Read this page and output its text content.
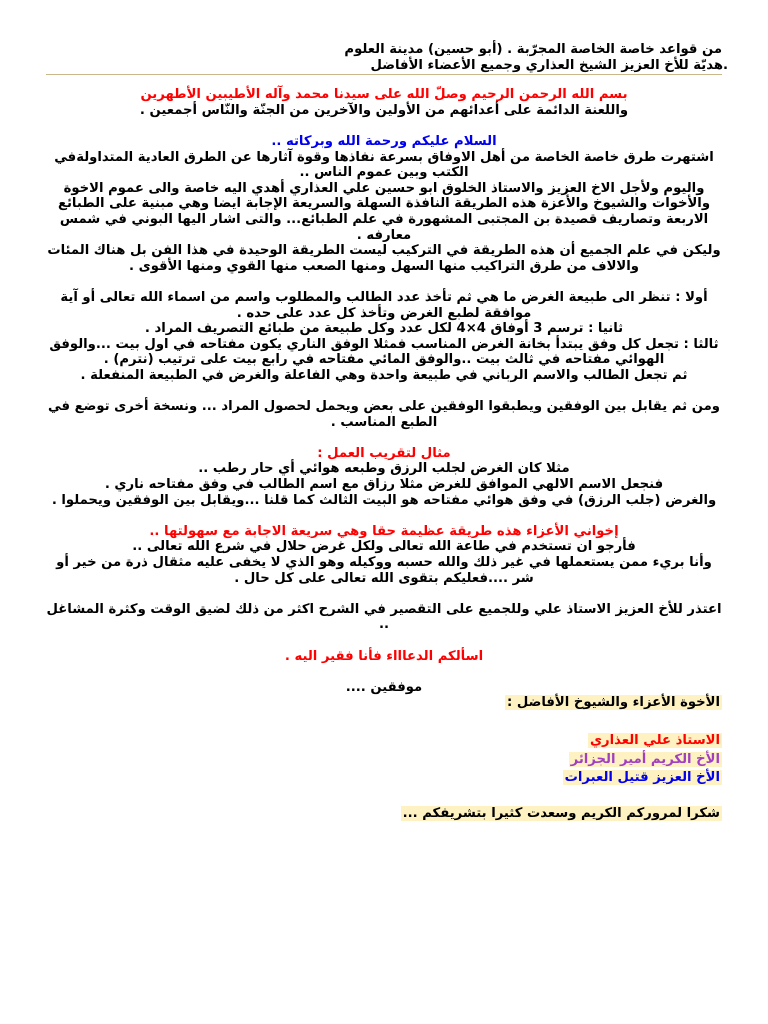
من قواعد خاصة الخاصة المجرّبة . (أبو حسين) مدينة العلوم
.هديّة للأخ العزيز الشيخ العذاري وجميع الأعضاء الأفاضل

بسم الله الرحمن الرحيم وصلّ الله على سيدنا محمد وآله الأطيبين الأطهرين

واللعنة الدائمة على أعدائهم من الأولين والآخرين من الجنّة والنّاس أجمعين .

السلام عليكم ورحمة الله وبركاته ..

اشتهرت طرق خاصة الخاصة من أهل الاوفاق بسرعة نفاذها وقوة آثارها عن الطرق العادية المتداولةفي الكتب وبين عموم الناس ..

واليوم ولأجل الاخ العزيز والاستاذ الخلوق ابو حسين علي العذاري أهدي اليه خاصة والى عموم الاخوة والأخوات والشيوخ والأعزة هذه الطريقة النافذة السهلة والسريعة الإجابة ايضا وهي مبنية على الطبائع الاربعة وتصاريف قصيدة بن المجتبى المشهورة في علم الطبائع... والتى اشار اليها البوني في شمس معارفه .

وليكن في علم الجميع أن هذه الطريقة في التركيب ليست الطريقة الوحيدة في هذا الفن بل هناك المئات والالاف من طرق التراكيب منها السهل ومنها الصعب منها القوي ومنها الأقوى .

أولا : تنظر الى طبيعة الغرض ما هي ثم تأخذ عدد الطالب والمطلوب واسم من اسماء الله تعالى أو آية موافقة لطبع الغرض وتأخذ كل عدد على حده .

ثانيا : ترسم 3 أوفاق 4×4 لكل عدد وكل طبيعة من طبائع التصريف المراد .

ثالثا : تجعل كل وفق يبتدأ بخانة الغرض المناسب فمثلا الوفق الناري يكون مفتاحه في اول بيت ...والوفق الهوائي مفتاحه في ثالث بيت ..والوفق المائي مفتاحه في رابع بيت على ترتيب (نترم) .

ثم تجعل الطالب والاسم الرباني في طبيعة واحدة وهي الفاعلة والغرض في الطبيعة المنفعلة .

ومن ثم يقابل بين الوفقين ويطبقوا الوفقين على بعض ويحمل لحصول المراد ... ونسخة أخرى توضع في الطبع المناسب .

مثال لتقريب العمل :

مثلا كان الغرض لجلب الرزق وطبعه هوائي أي حار رطب ..

فنجعل الاسم الالهي الموافق للغرض مثلا رزاق مع اسم الطالب في وفق مفتاحه ناري .

والغرض (جلب الرزق) في وفق هوائي مفتاحه هو البيت الثالث كما قلنا ...ويقابل بين الوفقين ويحملوا .

إخواني الأعزاء هذه طريقة عظيمة حقا وهي سريعة الاجابة مع سهولتها ..

فأرجو ان تستخدم في طاعة الله تعالى ولكل غرض حلال في شرع الله تعالى ..

وأنا بريء ممن يستعملها في غير ذلك والله حسبه ووكيله وهو الذي لا يخفى عليه مثقال ذرة من خير أو شر ....فعليكم بتقوى الله تعالى على كل حال .

اعتذر للأخ العزيز الاستاذ علي وللجميع على التقصير في الشرح اكثر من ذلك لضيق الوقت وكثرة المشاغل ..

اسألكم الدعاااء فأنا فقير اليه .

موفقين ....

الأخوة الأعزاء والشيوخ الأفاضل :

الاستاذ علي العذاري

الأخ الكريم أمير الجزائر

الأخ العزيز قتيل العبرات

شكرا لمروركم الكريم وسعدت كثيرا بتشريفكم ...
